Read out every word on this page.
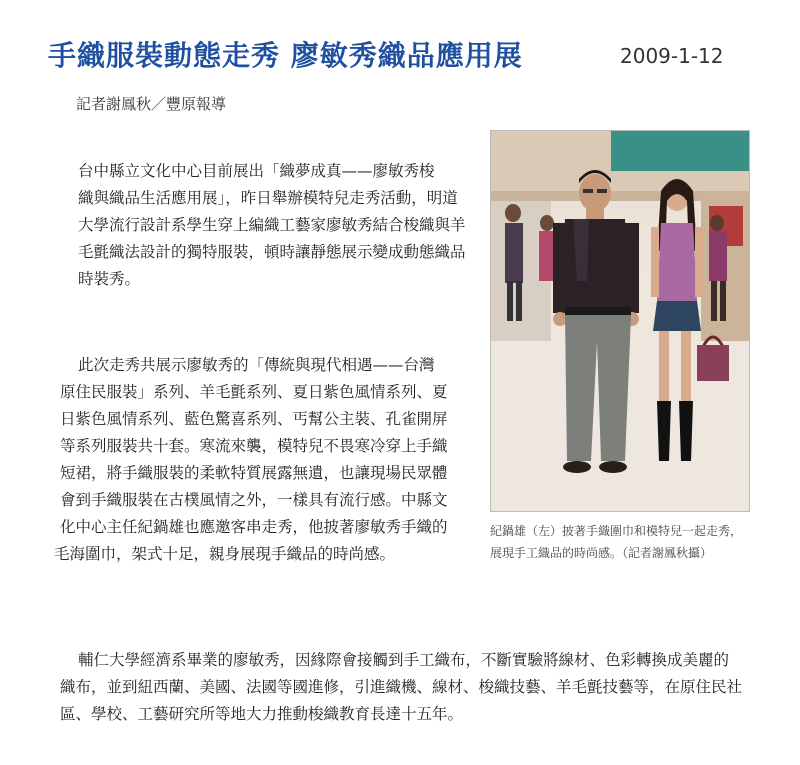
手織服裝動態走秀 廖敏秀織品應用展	2009-1-12
記者謝鳳秋／豐原報導
台中縣立文化中心目前展出「織夢成真——廖敏秀梭
織與織品生活應用展」，昨日舉辦模特兒走秀活動，明道
大學流行設計系學生穿上編織工藝家廖敏秀結合梭織與羊
毛氈織法設計的獨特服裝，頓時讓靜態展示變成動態織品
時裝秀。
此次走秀共展示廖敏秀的「傳統與現代相遇——台灣
原住民服裝」系列、羊毛氈系列、夏日紫色風情系列、夏
日紫色風情系列、藍色驚喜系列、丐幫公主裝、孔雀開屏
等系列服裝共十套。寒流來襲，模特兒不畏寒冷穿上手織
短裙，將手織服裝的柔軟特質展露無遺，也讓現場民眾體
會到手織服裝在古樸風情之外，一樣具有流行感。中縣文
化中心主任紀鍋雄也應邀客串走秀，他披著廖敏秀手織的
毛海圍巾，架式十足，親身展現手織品的時尚感。
輔仁大學經濟系畢業的廖敏秀，因緣際會接觸到手工織布，不斷實驗將線材、色彩轉換成美麗的
織布，並到紐西蘭、美國、法國等國進修，引進織機、線材、梭織技藝、羊毛氈技藝等，在原住民社
區、學校、工藝研究所等地大力推動梭織教育長達十五年。
紀鍋雄（左）披著手織圍巾和模特兒一起走秀，
展現手工織品的時尚感。（記者謝鳳秋攝）
